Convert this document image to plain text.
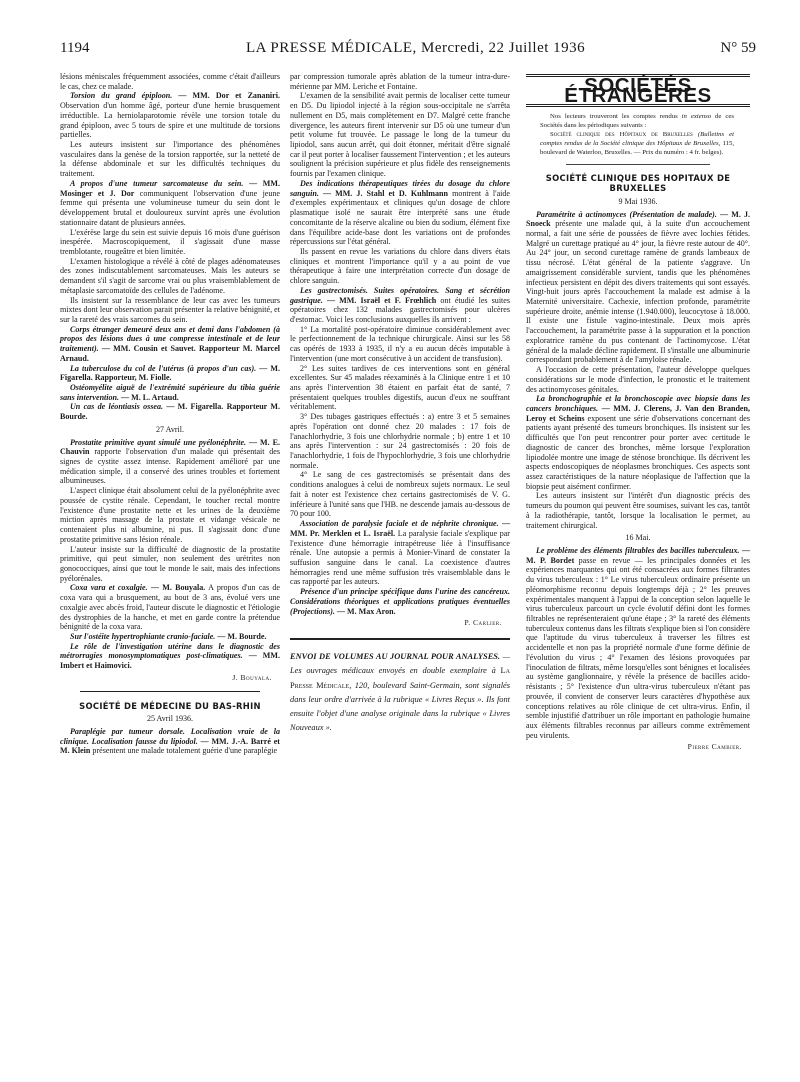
1194	LA PRESSE MÉDICALE, Mercredi, 22 Juillet 1936	N° 59

lésions méniscales fréquemment associées, comme c'était d'ailleurs le cas, chez ce malade.

Torsion du grand épiploon. — MM. Dor et Zananiri. Observation d'un homme âgé, porteur d'une hernie brusquement irréductible. La herniolaparotomie révèle une torsion totale du grand épiploon, avec 5 tours de spire et une multitude de torsions partielles.

Les auteurs insistent sur l'importance des phénomènes vasculaires dans la genèse de la torsion rapportée, sur la netteté de la défense abdominale et sur les difficultés techniques du traitement.

A propos d'une tumeur sarcomateuse du sein. — MM. Mosinger et J. Dor communiquent l'observation d'une jeune femme qui présenta une volumineuse tumeur du sein dont le développement brutal et douloureux survint après une évolution stationnaire datant de plusieurs années.

L'exérèse large du sein est suivie depuis 16 mois d'une guérison inespérée. Macroscopiquement, il s'agissait d'une masse tremblotante, rougeâtre et bien limitée.

L'examen histologique a révélé à côté de plages adénomateuses des zones indiscutablement sarcomateuses. Mais les auteurs se demandent s'il s'agit de sarcome vrai ou plus vraisemblablement de métaplasie sarcomatoïde des cellules de l'adénome.

Ils insistent sur la ressemblance de leur cas avec les tumeurs mixtes dont leur observation parait présenter la relative bénignité, et sur la rareté des vrais sarcomes du sein.

Corps étranger demeuré deux ans et demi dans l'abdomen (à propos des lésions dues à une compresse intestinale et de leur traitement). — MM. Cousin et Sauvet. Rapporteur M. Marcel Arnaud.

La tuberculose du col de l'utérus (à propos d'un cas). — M. Figarella. Rapporteur, M. Fiolle.

Ostéomyélite aiguë de l'extrémité supérieure du tibia guérie sans intervention. — M. L. Artaud.

Un cas de léontiasis ossea. — M. Figarella. Rapporteur M. Bourde.

27 Avril.

Prostatite primitive ayant simulé une pyélonéphrite. — M. E. Chauvin rapporte l'observation d'un malade qui présentait des signes de cystite assez intense. Rapidement amélioré par une médication simple, il a conservé des urines troubles et fortement albumineuses.

L'aspect clinique était absolument celui de la pyélonéphrite avec poussée de cystite rénale. Cependant, le toucher rectal montre l'existence d'une prostatite nette et les urines de la deuxième miction après massage de la prostate et vidange vésicale ne contenaient plus ni albumine, ni pus. Il s'agissait donc d'une prostatite primitive sans lésion rénale.

L'auteur insiste sur la difficulté de diagnostic de la prostatite primitive, qui peut simuler, non seulement des urétrites non gonococciques, ainsi que tout le monde le sait, mais des infections pyélorénales.

Coxa vara et coxalgie. — M. Bouyala. A propos d'un cas de coxa vara qui a brusquement, au bout de 3 ans, évolué vers une coxalgie avec abcès froid, l'auteur discute le diagnostic et l'étiologie des dystrophies de la hanche, et met en garde contre la prétendue bénignité de la coxa vara.

Sur l'ostéite hypertrophiante cranio-faciale. — M. Bourde.

Le rôle de l'investigation utérine dans le diagnostic des métrorragies monosymptomatiques post-climatiques. — MM. Imbert et Haimovici.

J. Bouyala.
SOCIÉTÉ DE MÉDECINE DU BAS-RHIN
25 Avril 1936.

Paraplégie par tumeur dorsale. Localisation vraie de la clinique. Localisation fausse du lipiodol. — MM. J.-A. Barré et M. Klein présentent une malade totalement guérie d'une paraplégie

par compression tumorale après ablation de la tumeur intra-dure-mérienne par MM. Leriche et Fontaine.

L'examen de la sensibilité avait permis de localiser cette tumeur en D5. Du lipiodol injecté à la région sous-occipitale ne s'arrêta nullement en D5, mais complètement en D7. Malgré cette franche divergence, les auteurs firent intervenir sur D5 où une tumeur d'un petit volume fut trouvée. Le passage le long de la tumeur du lipiodol, sans aucun arrêt, qui doit étonner, méritait d'être signalé car il peut porter à localiser faussement l'intervention ; et les auteurs soulignent la précision supérieure et plus fidèle des renseignements fournis par l'examen clinique.

Des indications thérapeutiques tirées du dosage du chlore sanguin. — MM. J. Stahl et D. Kuhlmann montrent à l'aide d'exemples expérimentaux et cliniques qu'un dosage de chlore plasmatique isolé ne saurait être interprété sans une étude concomitante de la réserve alcaline ou bien du sodium, élément fixe dans l'équilibre acide-base dont les variations ont de profondes répercussions sur l'état général.

Ils passent en revue les variations du chlore dans divers états cliniques et montrent l'importance qu'il y a au point de vue thérapeutique à faire une interprétation correcte d'un dosage de chlore sanguin.

Les gastrectomisés. Suites opératoires. Sang et sécrétion gastrique. — MM. Israël et F. Frœhlich ont étudié les suites opératoires chez 132 malades gastrectomisés pour ulcères d'estomac. Voici les conclusions auxquelles ils arrivent :

1° La mortalité post-opératoire diminue considérablement avec le perfectionnement de la technique chirurgicale. Ainsi sur les 58 cas opérés de 1933 à 1935, il n'y a eu aucun décès imputable à l'intervention (une mort consécutive à un accident de transfusion).

2° Les suites tardives de ces interventions sont en général excellentes. Sur 45 malades réexaminés à la Clinique entre 1 et 10 ans après l'intervention 38 étaient en parfait état de santé, 7 présentaient quelques troubles digestifs, aucun d'eux ne souffrant véritablement.

3° Des tubages gastriques effectués : a) entre 3 et 5 semaines après l'opération ont donné chez 20 malades : 17 fois de l'anachlorhydrie, 3 fois une chlorhydrie normale ; b) entre 1 et 10 ans après l'intervention : sur 24 gastrectomisés : 20 fois de l'anachlorhydrie, 1 fois de l'hypochlorhydrie, 3 fois une chlorhydrie normale.

4° Le sang de ces gastrectomisés se présentait dans des conditions analogues à celui de nombreux sujets normaux. Le seul fait à noter est l'existence chez certains gastrectomisés de V. G. inférieure à l'unité sans que l'HB. ne descende jamais au-dessous de 70 pour 100.

Association de paralysie faciale et de néphrite chronique. — MM. Pr. Merklen et L. Israël. La paralysie faciale s'explique par l'existence d'une hémorragie intrapétreuse liée à l'insuffisance rénale. Une autopsie a permis à Monier-Vinard de constater la suffusion sanguine dans le canal. La coexistence d'autres hémorragies rend une même suffusion très vraisemblable dans le cas rapporté par les auteurs.

Présence d'un principe spécifique dans l'urine des cancéreux. Considérations théoriques et applications pratiques éventuelles (Projections). — M. Max Aron.

P. Carlier.

ENVOI DE VOLUMES AU JOURNAL POUR ANALYSES. — Les ouvrages médicaux envoyés en double exemplaire à La Presse Médicale, 120, boulevard Saint-Germain, sont signalés dans leur ordre d'arrivée à la rubrique « Livres Reçus ». Ils font ensuite l'objet d'une analyse originale dans la rubrique « Livres Nouveaux ».

SOCIÉTÉS ÉTRANGÈRES

Nos lecteurs trouveront les comptes rendus in extenso de ces Sociétés dans les périodiques suivants :

Société clinique des Hôpitaux de Bruxelles (Bulletins et comptes rendus de la Société clinique des Hôpitaux de Bruxelles, 115, boulevard de Waterloo, Bruxelles. — Prix du numéro : 4 fr. belges).

SOCIÉTÉ CLINIQUE DES HOPITAUX DE BRUXELLES
9 Mai 1936.

Paramétrite à actinomyces (Présentation de malade). — M. J. Snoeck présente une malade qui, à la suite d'un accouchement normal, a fait une série de poussées de fièvre avec lochies fétides. Malgré un curettage pratiqué au 4° jour, la fièvre reste autour de 40°. Au 24° jour, un second curettage ramène de grands lambeaux de tissu nécrosé. L'état général de la patiente s'aggrave. Un amaigrissement considérable survient, tandis que les phénomènes infectieux persistent en dépit des divers traitements qui sont essayés. Vingt-huit jours après l'accouchement la malade est admise à la Maternité universitaire. Cachexie, infection profonde, paramétrite supérieure droite, anémie intense (1.940.000), leucocytose à 18.000. Il existe une fistule vagino-intestinale. Deux mois après l'accouchement, la paramétrite passe à la suppuration et la ponction exploratrice ramène du pus contenant de l'actinomycose. L'état général de la malade décline rapidement. Il s'installe une albuminurie correspondant probablement à de l'amyloïse rénale.

A l'occasion de cette présentation, l'auteur développe quelques considérations sur le mode d'infection, le pronostic et le traitement des actinomycoses génitales.

La bronchographie et la bronchoscopie avec biopsie dans les cancers bronchiques. — MM. J. Clerens, J. Van den Branden, Leroy et Scheins exposent une série d'observations concernant des patients ayant présenté des tumeurs bronchiques. Ils insistent sur les difficultés que l'on peut rencontrer pour porter avec certitude le diagnostic de cancer des bronches, même lorsque l'exploration lipiodolée montre une image de sténose bronchique. Ils décrivent les aspects endoscopiques de néoplasmes bronchiques. Ces aspects sont assez caractéristiques de la nature néoplasique de l'affection que la biopsie peut aisément confirmer.

Les auteurs insistent sur l'intérêt d'un diagnostic précis des tumeurs du poumon qui peuvent être soumises, suivant les cas, tantôt à la radiothérapie, tantôt, lorsque la localisation le permet, au traitement chirurgical.

16 Mai.

Le problème des éléments filtrables des bacilles tuberculeux. — M. P. Bordet passe en revue — les principales données et les expériences marquantes qui ont été consacrées aux formes filtrantes du virus tuberculeux : 1° Le virus tuberculeux ordinaire présente un pléomorphisme reconnu depuis longtemps déjà ; 2° les preuves expérimentales manquent à l'appui de la conception selon laquelle le virus tuberculeux parcourt un cycle évolutif défini dont les formes filtrables ne représenteraient qu'une étape ; 3° la rareté des éléments tuberculeux contenus dans les filtrats s'explique bien si l'on considère que l'aptitude du virus tuberculeux à traverser les filtres est accidentelle et non pas la propriété normale d'une forme définie de l'évolution du virus ; 4° l'examen des lésions provoquées par l'inoculation de filtrats, même lorsqu'elles sont bénignes et localisées au système ganglionnaire, y révèle la présence de bacilles acido-résistants ; 5° l'existence d'un ultra-virus tuberculeux n'étant pas prouvée, il convient de conserver leurs caractères d'hypothèse aux conceptions relatives au rôle clinique de cet ultra-virus. Enfin, il semble injustifié d'attribuer un rôle important en pathologie humaine aux éléments filtrables reconnus par ailleurs comme extrêmement peu virulents.

Pierre Cambier.
